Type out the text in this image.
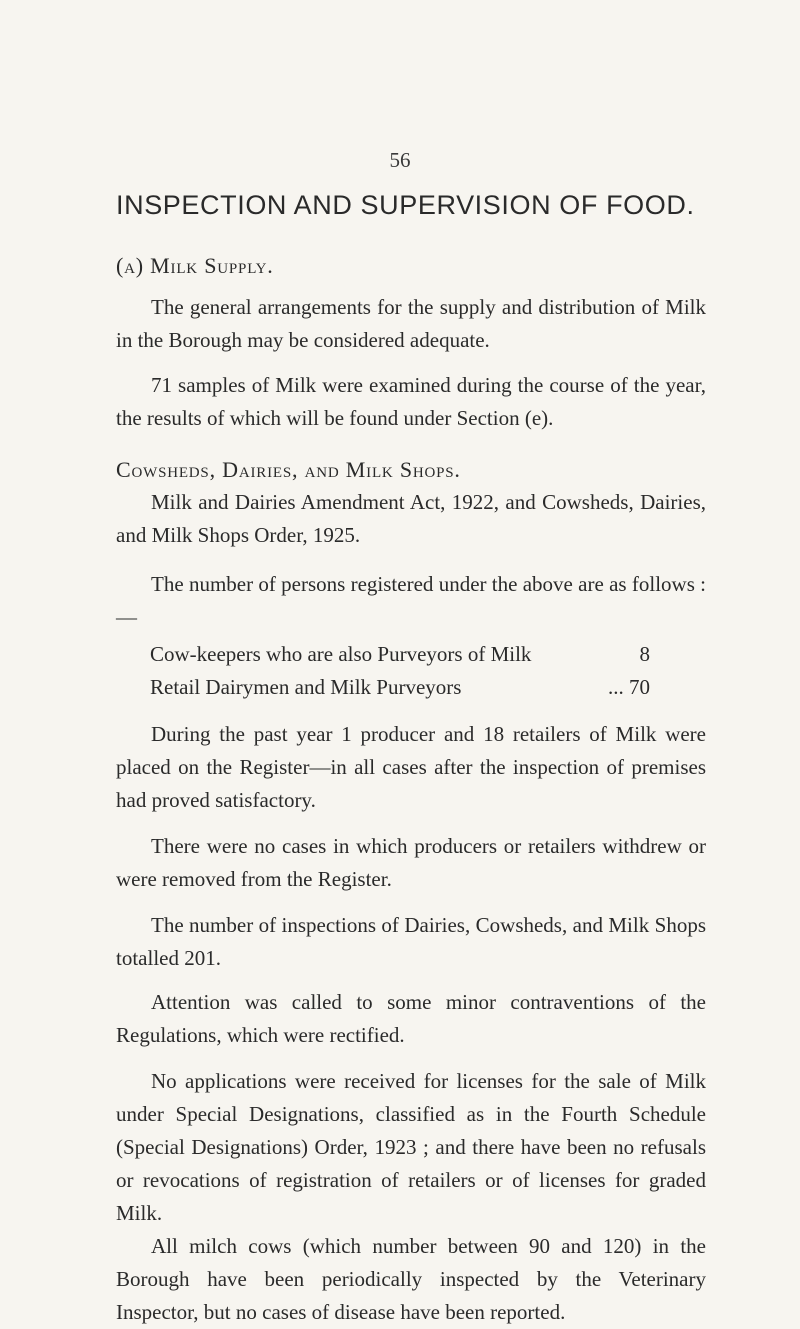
56
INSPECTION AND SUPERVISION OF FOOD.
(a) Milk Supply.
The general arrangements for the supply and distribution of Milk in the Borough may be considered adequate.
71 samples of Milk were examined during the course of the year, the results of which will be found under Section (e).
Cowsheds, Dairies, and Milk Shops.
Milk and Dairies Amendment Act, 1922, and Cowsheds, Dairies, and Milk Shops Order, 1925.
The number of persons registered under the above are as follows :—
Cow-keepers who are also Purveyors of Milk	8
Retail Dairymen and Milk Purveyors	... 70
During the past year 1 producer and 18 retailers of Milk were placed on the Register—in all cases after the inspection of premises had proved satisfactory.
There were no cases in which producers or retailers withdrew or were removed from the Register.
The number of inspections of Dairies, Cowsheds, and Milk Shops totalled 201.
Attention was called to some minor contraventions of the Regulations, which were rectified.
No applications were received for licenses for the sale of Milk under Special Designations, classified as in the Fourth Schedule (Special Designations) Order, 1923 ; and there have been no refusals or revocations of registration of retailers or of licenses for graded Milk.
All milch cows (which number between 90 and 120) in the Borough have been periodically inspected by the Veterinary Inspector, but no cases of disease have been reported.
